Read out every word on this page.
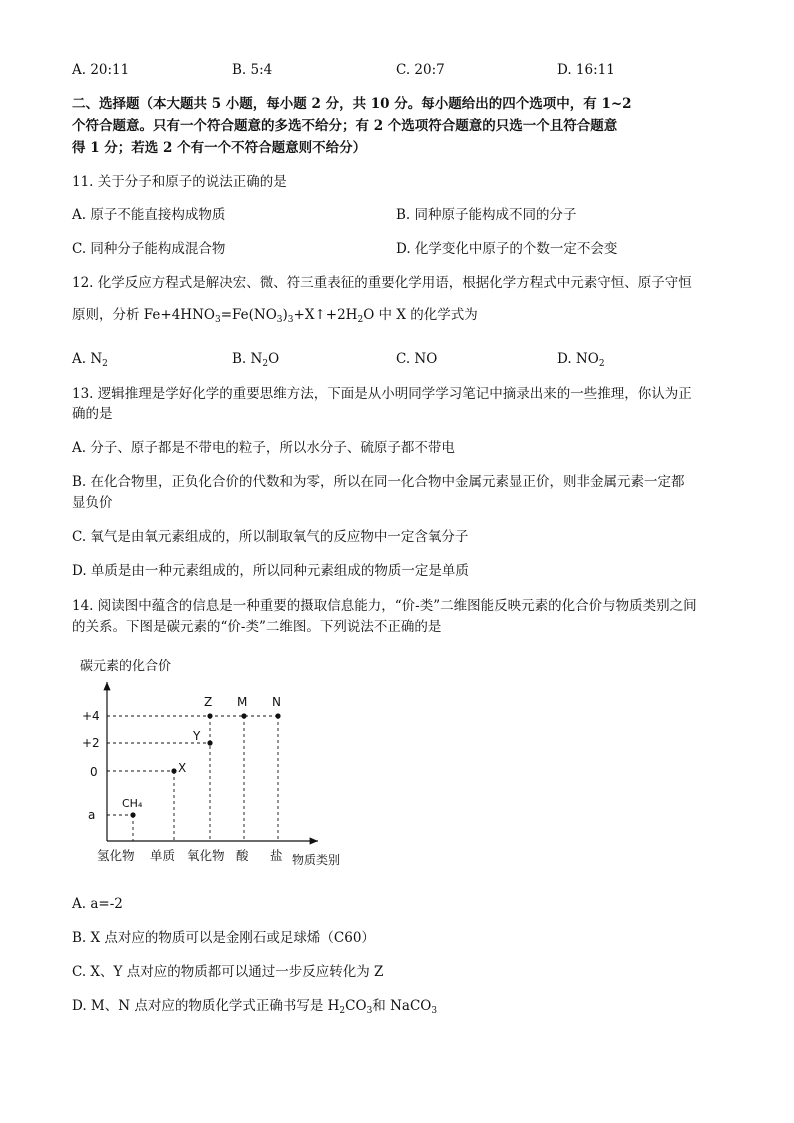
A. 20:11	B. 5:4	C. 20:7	D. 16:11
二、选择题（本大题共 5 小题，每小题 2 分，共 10 分。每小题给出的四个选项中，有 1~2
个符合题意。只有一个符合题意的多选不给分；有 2 个选项符合题意的只选一个且符合题意
得 1 分；若选 2 个有一个不符合题意则不给分）
11. 关于分子和原子的说法正确的是
A. 原子不能直接构成物质	B. 同种原子能构成不同的分子
C. 同种分子能构成混合物	D. 化学变化中原子的个数一定不会变
12. 化学反应方程式是解决宏、微、符三重表征的重要化学用语，根据化学方程式中元素守恒、原子守恒
原则，分析 $Fe+4HNO_3=Fe(NO_3)_3+X↑+2H_2O$ 中 X 的化学式为
A. $N_2$	B. $N_2O$	C. NO	D. $NO_2$
13. 逻辑推理是学好化学的重要思维方法，下面是从小明同学学习笔记中摘录出来的一些推理，你认为正
确的是
A. 分子、原子都是不带电的粒子，所以水分子、硫原子都不带电
B. 在化合物里，正负化合价的代数和为零，所以在同一化合物中金属元素显正价，则非金属元素一定都
显负价
C. 氧气是由氧元素组成的，所以制取氧气的反应物中一定含氧分子
D. 单质是由一种元素组成的，所以同种元素组成的物质一定是单质
14. 阅读图中蕴含的信息是一种重要的摄取信息能力，“价-类”二维图能反映元素的化合价与物质类别之间
的关系。下图是碳元素的“价-类”二维图。下列说法不正确的是
碳元素的化合价
+4
+2
0
a
CH₄
X
Y
Z M N
氢化物 单质 氧化物 酸 盐 物质类别
A. a=-2
B. X 点对应的物质可以是金刚石或足球烯（C60）
C. X、Y 点对应的物质都可以通过一步反应转化为 Z
D. M、N 点对应的物质化学式正确书写是 $H_2CO_3$和 NaCO$_3$
